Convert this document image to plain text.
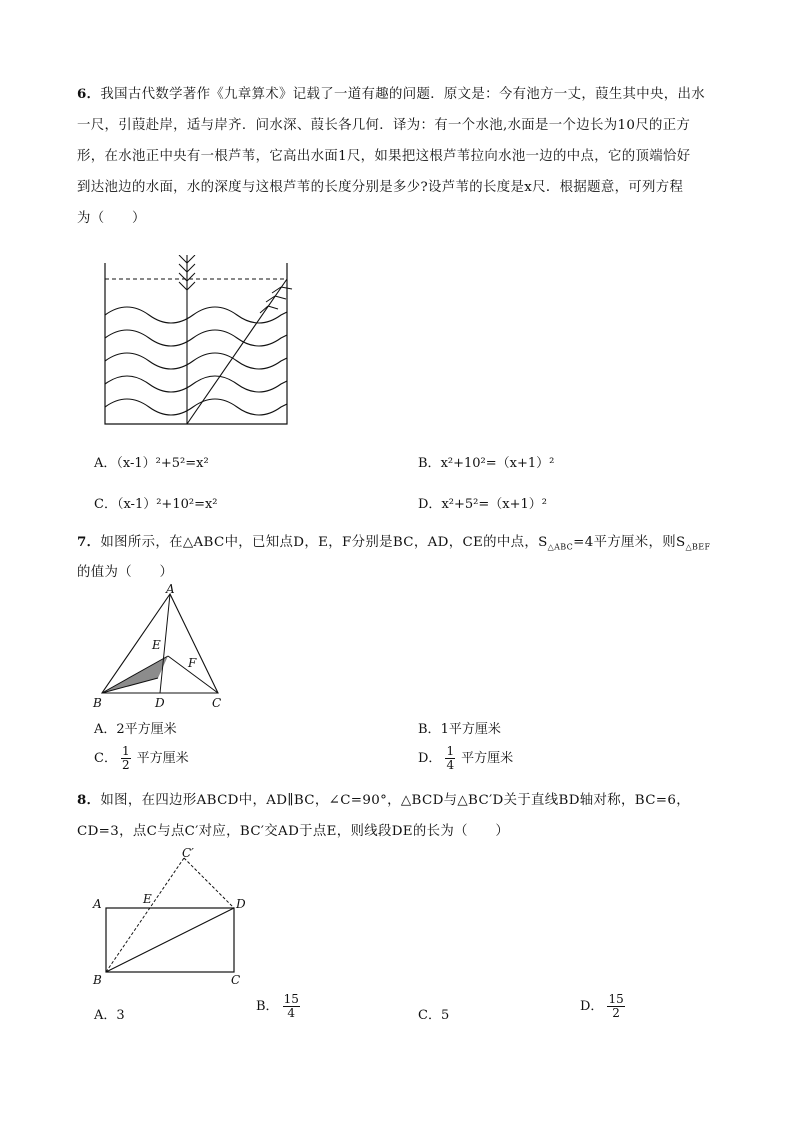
6．我国古代数学著作《九章算术》记载了一道有趣的问题．原文是：今有池方一丈，葭生其中央，出水
一尺，引葭赴岸，适与岸齐．问水深、葭长各几何．译为：有一个水池,水面是一个边长为10尺的正方
形，在水池正中央有一根芦苇，它高出水面1尺，如果把这根芦苇拉向水池一边的中点，它的顶端恰好
到达池边的水面，水的深度与这根芦苇的长度分别是多少?设芦苇的长度是x尺．根据题意，可列方程
为（　　）
A．（x-1）²+5²=x²	B．x²+10²=（x+1）²
C．（x-1）²+10²=x²	D．x²+5²=（x+1）²
7．如图所示，在△ABC中，已知点D，E，F分别是BC，AD，CE的中点，$S_{\triangle ABC}=4$平方厘米，则$S_{\triangle BEF}$
的值为（　　）
A
B	C
D
E
F
A．2平方厘米	B．1平方厘米
C． $\frac{1}{2}$ 平方厘米	D． $\frac{1}{4}$ 平方厘米
8．如图，在四边形ABCD中，AD∥BC，∠C=90°，△BCD与△BC′D关于直线BD轴对称，BC=6，
CD=3，点C与点C′对应，BC′交AD于点E，则线段DE的长为（　　）
C′
A	E	D
B	C
A．3
B． $\frac{15}{4}$	C．5
D． $\frac{15}{2}$
